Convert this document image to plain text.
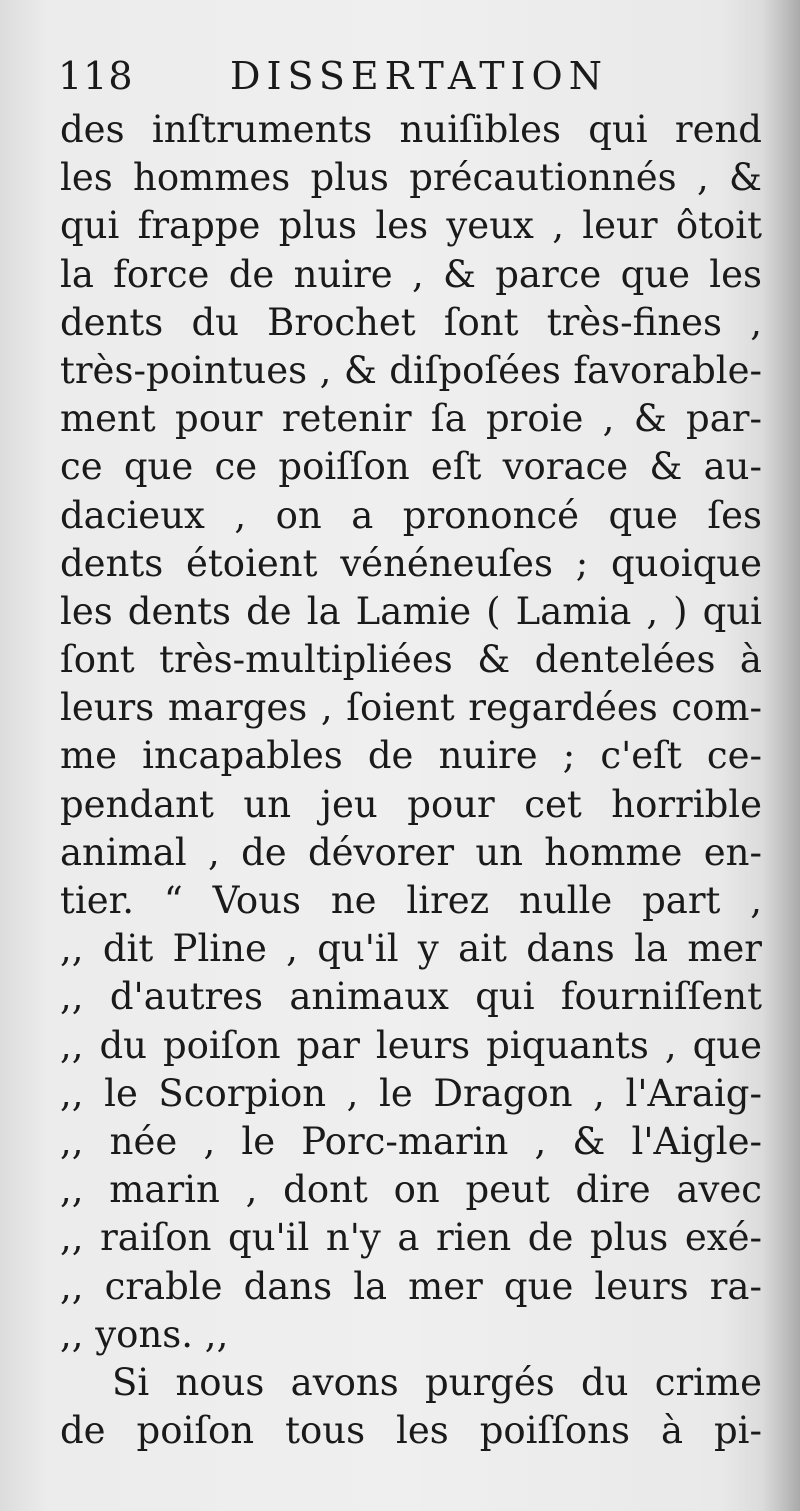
118	DISSERTATION
des inſtruments nuiſibles qui rend
les hommes plus précautionnés , &
qui frappe plus les yeux , leur ôtoit
la force de nuire , & parce que les
dents du Brochet ſont très-fines ,
très-pointues , & diſpoſées favorable-
ment pour retenir ſa proie , & par-
ce que ce poiſſon eſt vorace & au-
dacieux , on a prononcé que ſes
dents étoient vénéneuſes ; quoique
les dents de la Lamie ( Lamia , ) qui
ſont très-multipliées & dentelées à
leurs marges , ſoient regardées com-
me incapables de nuire ; c'eſt ce-
pendant un jeu pour cet horrible
animal , de dévorer un homme en-
tier. “ Vous ne lirez nulle part ,
,, dit Pline , qu'il y ait dans la mer
,, d'autres animaux qui fourniſſent
,, du poiſon par leurs piquants , que
,, le Scorpion , le Dragon , l'Araig-
,, née , le Porc-marin , & l'Aigle-
,, marin , dont on peut dire avec
,, raiſon qu'il n'y a rien de plus exé-
,, crable dans la mer que leurs ra-
,, yons. ,,
Si nous avons purgés du crime
de poiſon tous les poiſſons à pi-
